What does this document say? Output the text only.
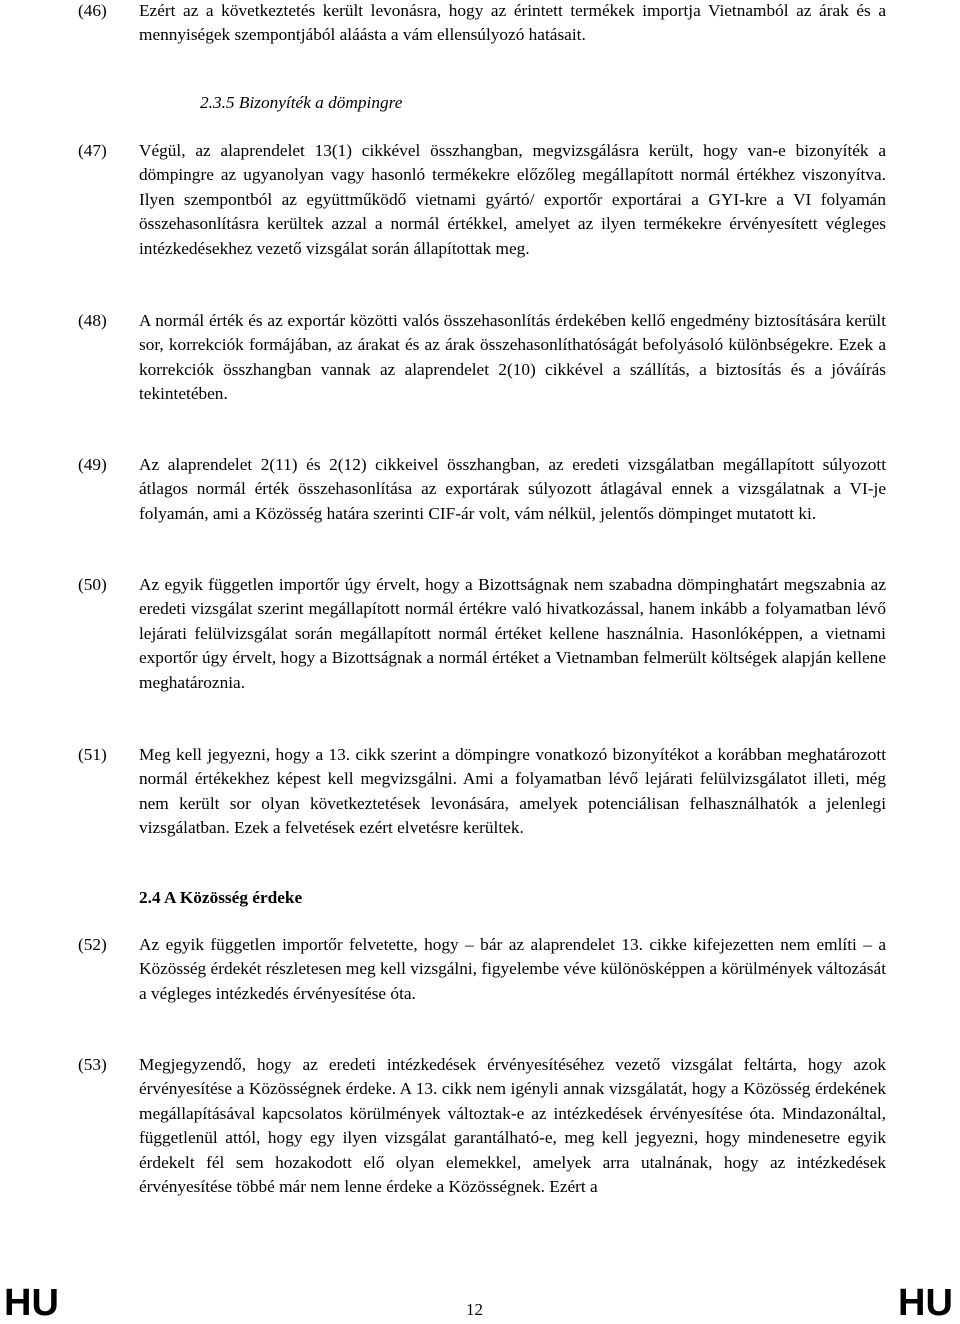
(46) Ezért az a következtetés került levonásra, hogy az érintett termékek importja Vietnamból az árak és a mennyiségek szempontjából aláásta a vám ellensúlyozó hatásait.
2.3.5 Bizonyíték a dömpingre
(47) Végül, az alaprendelet 13(1) cikkével összhangban, megvizsgálásra került, hogy van-e bizonyíték a dömpingre az ugyanolyan vagy hasonló termékekre előzőleg megállapított normál értékhez viszonyítva. Ilyen szempontból az együttműködő vietnami gyártó/ exportőr exportárai a GYI-kre a VI folyamán összehasonlításra kerültek azzal a normál értékkel, amelyet az ilyen termékekre érvényesített végleges intézkedésekhez vezető vizsgálat során állapítottak meg.
(48) A normál érték és az exportár közötti valós összehasonlítás érdekében kellő engedmény biztosítására került sor, korrekciók formájában, az árakat és az árak összehasonlíthatóságát befolyásoló különbségekre. Ezek a korrekciók összhangban vannak az alaprendelet 2(10) cikkével a szállítás, a biztosítás és a jóváírás tekintetében.
(49) Az alaprendelet 2(11) és 2(12) cikkeivel összhangban, az eredeti vizsgálatban megállapított súlyozott átlagos normál érték összehasonlítása az exportárak súlyozott átlagával ennek a vizsgálatnak a VI-je folyamán, ami a Közösség határa szerinti CIF-ár volt, vám nélkül, jelentős dömpinget mutatott ki.
(50) Az egyik független importőr úgy érvelt, hogy a Bizottságnak nem szabadna dömpinghatárt megszabnia az eredeti vizsgálat szerint megállapított normál értékre való hivatkozással, hanem inkább a folyamatban lévő lejárati felülvizsgálat során megállapított normál értéket kellene használnia. Hasonlóképpen, a vietnami exportőr úgy érvelt, hogy a Bizottságnak a normál értéket a Vietnamban felmerült költségek alapján kellene meghatároznia.
(51) Meg kell jegyezni, hogy a 13. cikk szerint a dömpingre vonatkozó bizonyítékot a korábban meghatározott normál értékekhez képest kell megvizsgálni. Ami a folyamatban lévő lejárati felülvizsgálatot illeti, még nem került sor olyan következtetések levonására, amelyek potenciálisan felhasználhatók a jelenlegi vizsgálatban. Ezek a felvetések ezért elvetésre kerültek.
2.4 A Közösség érdeke
(52) Az egyik független importőr felvetette, hogy – bár az alaprendelet 13. cikke kifejezetten nem említi – a Közösség érdekét részletesen meg kell vizsgálni, figyelembe véve különösképpen a körülmények változását a végleges intézkedés érvényesítése óta.
(53) Megjegyzendő, hogy az eredeti intézkedések érvényesítéséhez vezető vizsgálat feltárta, hogy azok érvényesítése a Közösségnek érdeke. A 13. cikk nem igényli annak vizsgálatát, hogy a Közösség érdekének megállapításával kapcsolatos körülmények változtak-e az intézkedések érvényesítése óta. Mindazonáltal, függetlenül attól, hogy egy ilyen vizsgálat garantálható-e, meg kell jegyezni, hogy mindenesetre egyik érdekelt fél sem hozakodott elő olyan elemekkel, amelyek arra utalnának, hogy az intézkedések érvényesítése többé már nem lenne érdeke a Közösségnek. Ezért a
HU	12	HU
